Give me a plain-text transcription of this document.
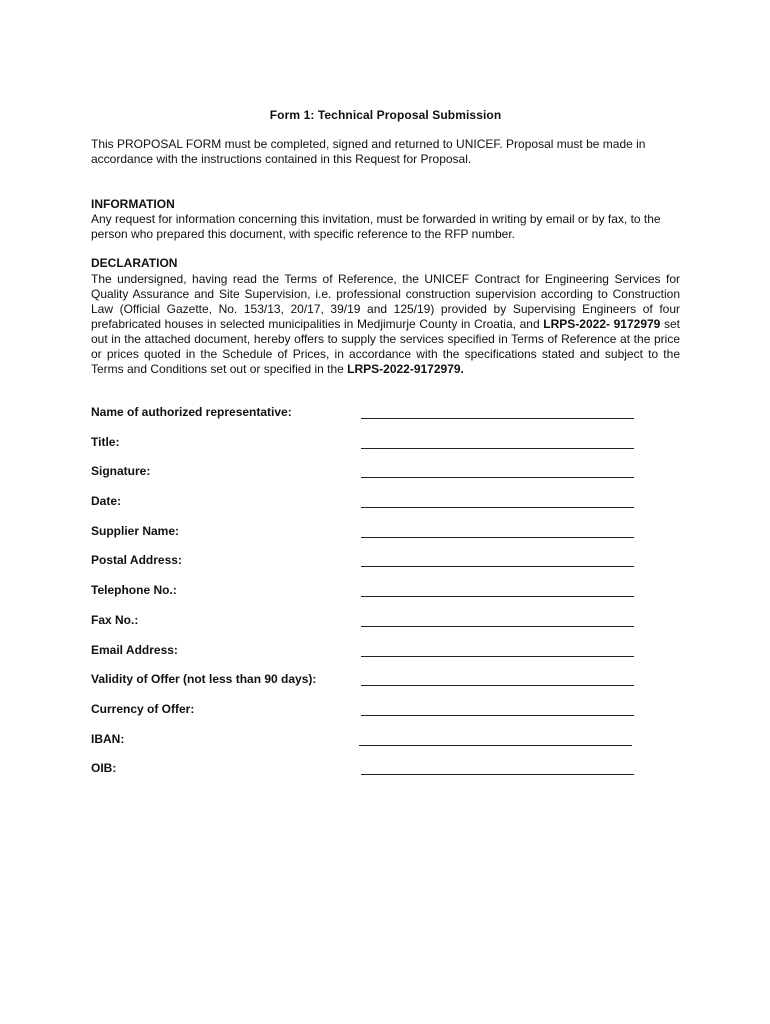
Form 1: Technical Proposal Submission
This PROPOSAL FORM must be completed, signed and returned to UNICEF. Proposal must be made in accordance with the instructions contained in this Request for Proposal.
INFORMATION
Any request for information concerning this invitation, must be forwarded in writing by email or by fax, to the person who prepared this document, with specific reference to the RFP number.
DECLARATION
The undersigned, having read the Terms of Reference, the UNICEF Contract for Engineering Services for Quality Assurance and Site Supervision, i.e. professional construction supervision according to Construction Law (Official Gazette, No. 153/13, 20/17, 39/19 and 125/19) provided by Supervising Engineers of four prefabricated houses in selected municipalities in Medjimurje County in Croatia, and LRPS-2022- 9172979 set out in the attached document, hereby offers to supply the services specified in Terms of Reference at the price or prices quoted in the Schedule of Prices, in accordance with the specifications stated and subject to the Terms and Conditions set out or specified in the LRPS-2022-9172979.
Name of authorized representative:
Title:
Signature:
Date:
Supplier Name:
Postal Address:
Telephone No.:
Fax No.:
Email Address:
Validity of Offer (not less than 90 days):
Currency of Offer:
IBAN:
OIB:
